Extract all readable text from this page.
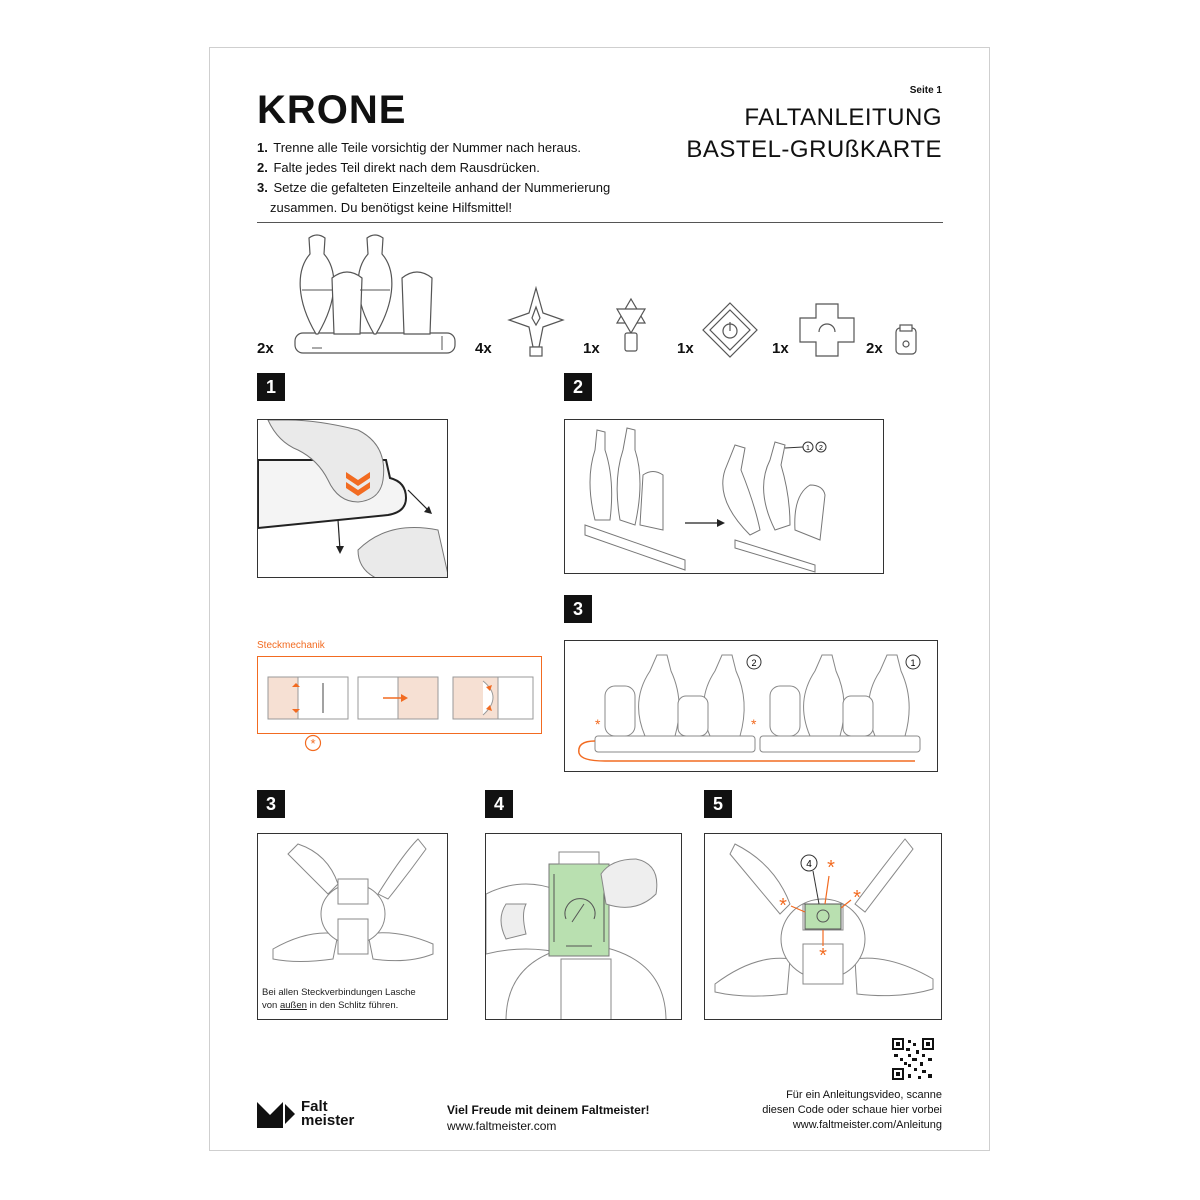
KRONE
1. Trenne alle Teile vorsichtig der Nummer nach heraus.
2. Falte jedes Teil direkt nach dem Rausdrücken.
3. Setze die gefalteten Einzelteile anhand der Nummerierung
zusammen. Du benötigst keine Hilfsmittel!
Seite 1
FALTANLEITUNG
BASTEL-GRUßKARTE
2x	4x	1x	1x	1x	2x
1	2
3
3	4	5
1 2
Steckmechanik
*
*	*
2	1
Bei allen Steckverbindungen Lasche
von außen in den Schlitz führen.
4 *
*	*
*
Falt
meister
Viel Freude mit deinem Faltmeister!
www.faltmeister.com
Für ein Anleitungsvideo, scanne
diesen Code oder schaue hier vorbei
www.faltmeister.com/Anleitung
